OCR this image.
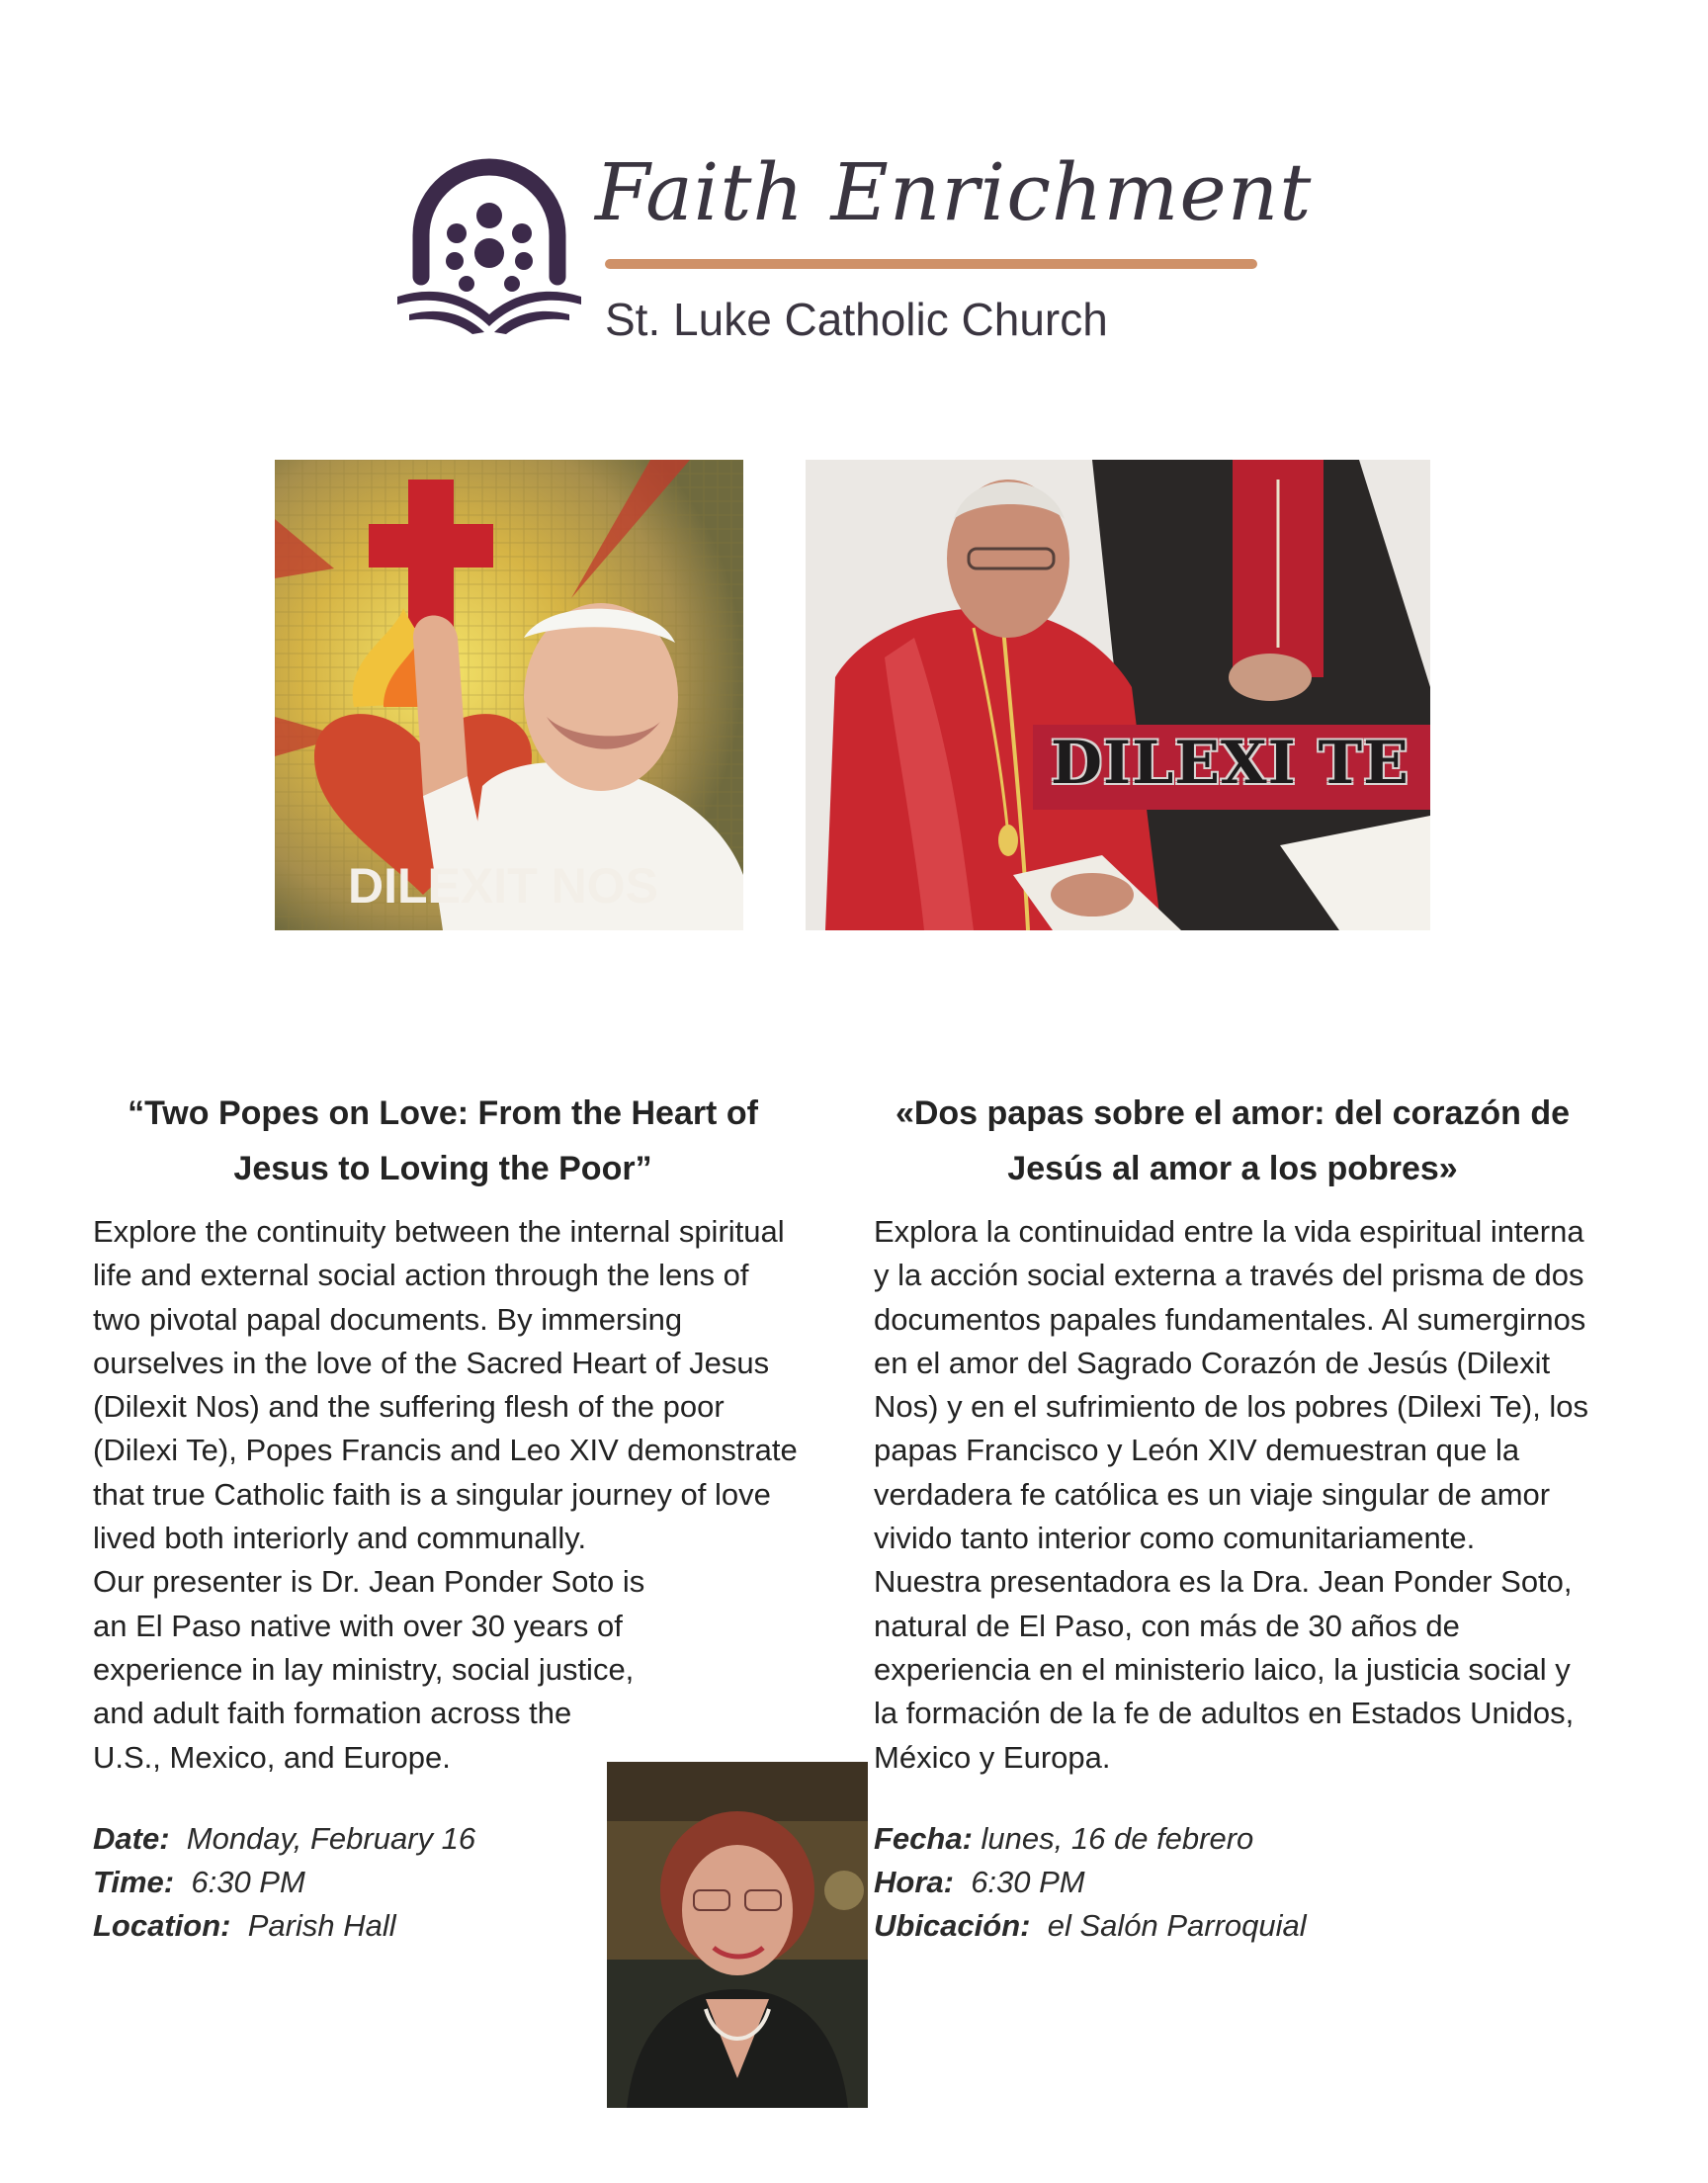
Faith Enrichment
St. Luke Catholic Church
DILEXIT NOS
DILEXI TE
“Two Popes on Love: From the Heart of Jesus to Loving the Poor”

Explore the continuity between the internal spiritual life and external social action through the lens of two pivotal papal documents. By immersing ourselves in the love of the Sacred Heart of Jesus (Dilexit Nos) and the suffering flesh of the poor (Dilexi Te), Popes Francis and Leo XIV demonstrate that true Catholic faith is a singular journey of love lived both interiorly and communally.

Our presenter is Dr. Jean Ponder Soto is an El Paso native with over 30 years of experience in lay ministry, social justice, and adult faith formation across the U.S., Mexico, and Europe.

Date: Monday, February 16
Time: 6:30 PM
Location: Parish Hall
«Dos papas sobre el amor: del corazón de Jesús al amor a los pobres»

Explora la continuidad entre la vida espiritual interna y la acción social externa a través del prisma de dos documentos papales fundamentales. Al sumergirnos en el amor del Sagrado Corazón de Jesús (Dilexit Nos) y en el sufrimiento de los pobres (Dilexi Te), los papas Francisco y León XIV demuestran que la verdadera fe católica es un viaje singular de amor vivido tanto interior como comunitariamente.

Nuestra presentadora es la Dra. Jean Ponder Soto, natural de El Paso, con más de 30 años de experiencia en el ministerio laico, la justicia social y la formación de la fe de adultos en Estados Unidos, México y Europa.

Fecha: lunes, 16 de febrero
Hora: 6:30 PM
Ubicación: el Salón Parroquial
